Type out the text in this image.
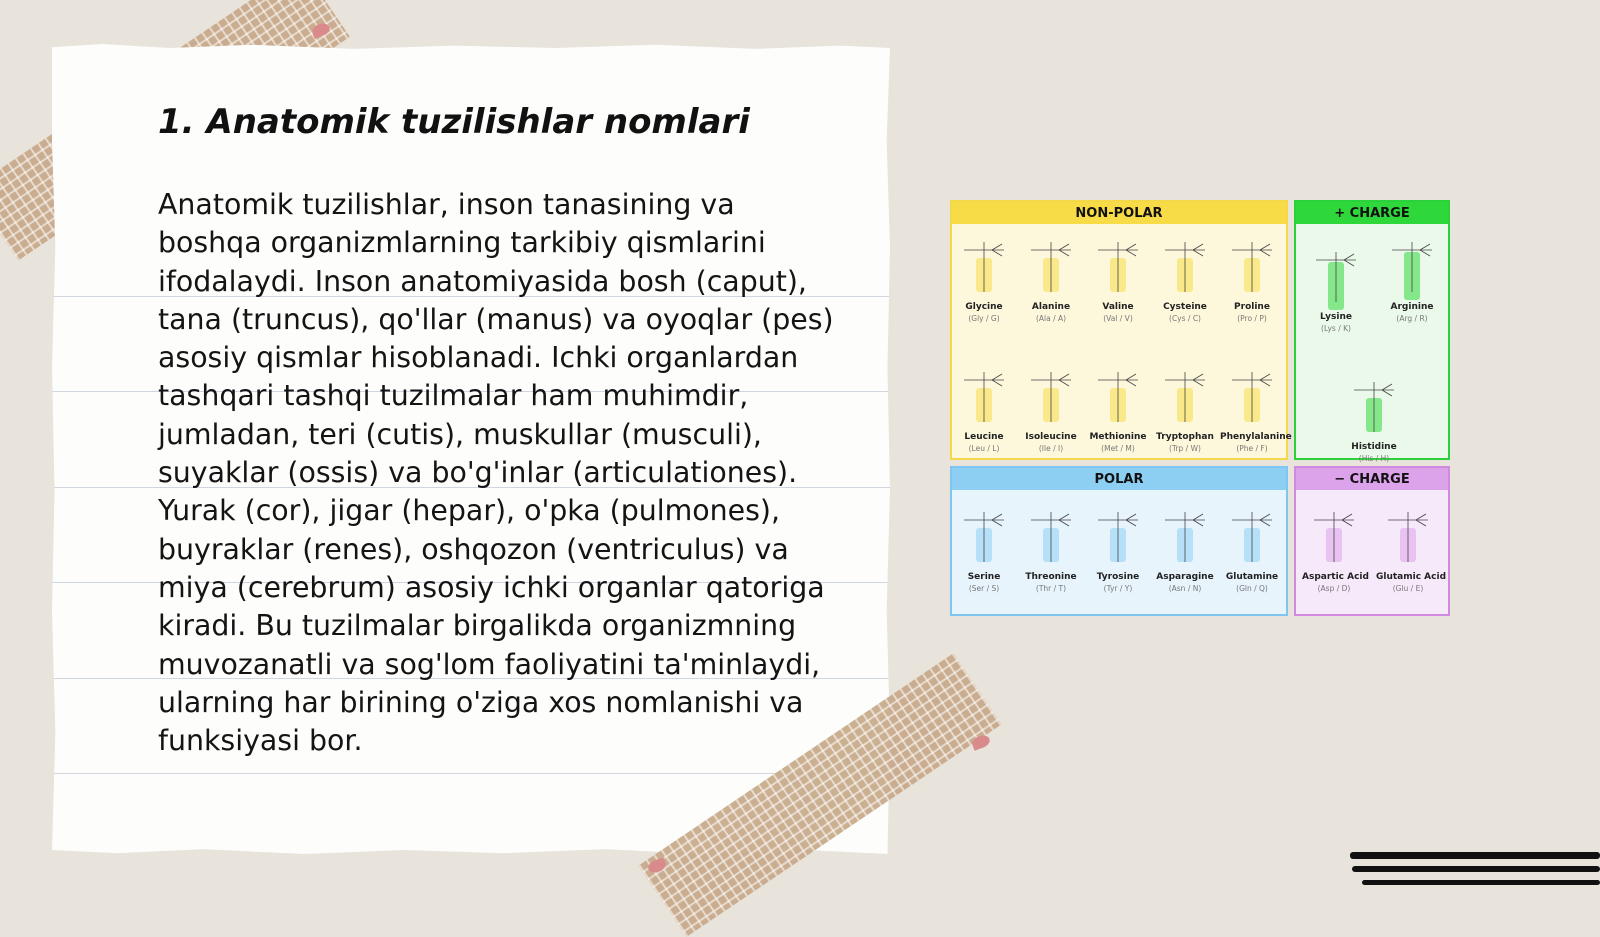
1. Anatomik tuzilishlar nomlari

Anatomik tuzilishlar, inson tanasining va boshqa organizmlarning tarkibiy qismlarini ifodalaydi. Inson anatomiyasida bosh (caput), tana (truncus), qo'llar (manus) va oyoqlar (pes) asosiy qismlar hisoblanadi. Ichki organlardan tashqari tashqi tuzilmalar ham muhimdir, jumladan, teri (cutis), muskullar (musculi), suyaklar (ossis) va bo'g'inlar (articulationes). Yurak (cor), jigar (hepar), o'pka (pulmones), buyraklar (renes), oshqozon (ventriculus) va miya (cerebrum) asosiy ichki organlar qatoriga kiradi. Bu tuzilmalar birgalikda organizmning muvozanatli va sog'lom faoliyatini ta'minlaydi, ularning har birining o'ziga xos nomlanishi va funksiyasi bor.

NON-POLAR
Glycine
(Gly / G)
Alanine
(Ala / A)
Valine
(Val / V)
Cysteine
(Cys / C)
Proline
(Pro / P)
Leucine
(Leu / L)
Isoleucine
(Ile / I)
Methionine
(Met / M)
Tryptophan
(Trp / W)
Phenylalanine
(Phe / F)
+ CHARGE
Lysine
(Lys / K)
Arginine
(Arg / R)
Histidine
(His / H)
POLAR
Serine
(Ser / S)
Threonine
(Thr / T)
Tyrosine
(Tyr / Y)
Asparagine
(Asn / N)
Glutamine
(Gln / Q)
− CHARGE
Aspartic Acid
(Asp / D)
Glutamic Acid
(Glu / E)
